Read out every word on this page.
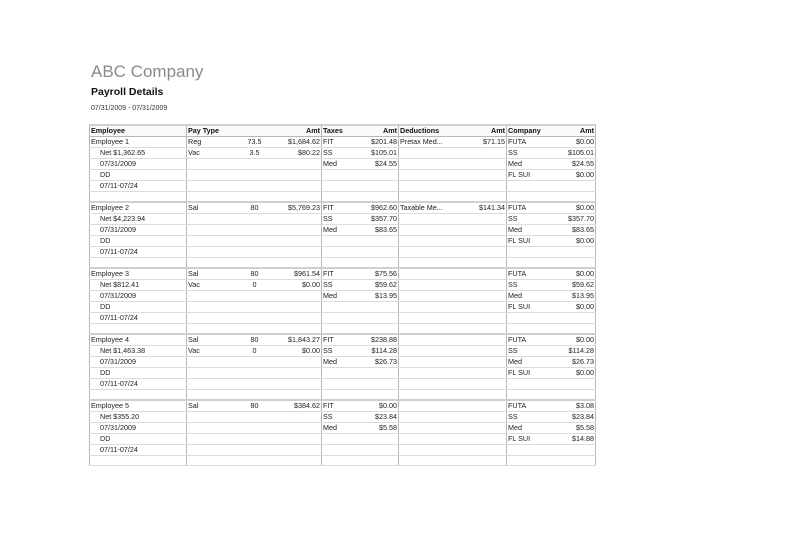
ABC Company
Payroll Details
07/31/2009 - 07/31/2009
Employee	Pay Type		Amt	Taxes	Amt	Deductions	Amt	Company	Amt
Employee 1	Reg	73.5	$1,684.62	FIT	$201.48	Pretax Med...	$71.15	FUTA	$0.00
Net $1,362.65	Vac	3.5	$80.22	SS	$105.01			SS	$105.01
07/31/2009				Med	$24.55			Med	$24.55
DD								FL SUI	$0.00
07/11-07/24									

Employee 2	Sal	80	$5,769.23	FIT	$962.60	Taxable Me...	$141.34	FUTA	$0.00
Net $4,223.94				SS	$357.70			SS	$357.70
07/31/2009				Med	$83.65			Med	$83.65
DD								FL SUI	$0.00
07/11-07/24									

Employee 3	Sal	80	$961.54	FIT	$75.56			FUTA	$0.00
Net $812.41	Vac	0	$0.00	SS	$59.62			SS	$59.62
07/31/2009				Med	$13.95			Med	$13.95
DD								FL SUI	$0.00
07/11-07/24									

Employee 4	Sal	80	$1,843.27	FIT	$238.88			FUTA	$0.00
Net $1,463.38	Vac	0	$0.00	SS	$114.28			SS	$114.28
07/31/2009				Med	$26.73			Med	$26.73
DD								FL SUI	$0.00
07/11-07/24									

Employee 5	Sal	80	$384.62	FIT	$0.00			FUTA	$3.08
Net $355.20				SS	$23.84			SS	$23.84
07/31/2009				Med	$5.58			Med	$5.58
DD								FL SUI	$14.88
07/11-07/24									
